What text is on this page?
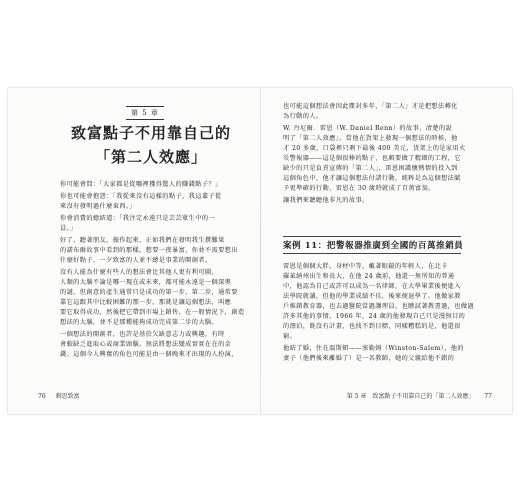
第 5 章
致富點子不用靠自己的
「第二人效應」

你可能會問：「大家都是從哪裡獲得驚人的賺錢點子？」

你也可能會抱怨：「我從來沒有這樣的點子，我這輩子從

來沒有發明過什麼東西。」

你會消費的總結道：「我注定永遠只是芸芸眾生中的一

員。」

好了，聽著朋友，振作起來，正如我們在發明我生撰難果

的諾布爾故事中看到的那樣，想要一夜暴富，你並不需要想出

什麼好點子，一夕致富的人並不總是事業的開創者。

沒有人能為什麼有些人的想法會比其他人更有利可圖，

人類的大腦不論是哪一現在或未來，都可能永遠是一個深奧

的謎，但創意的產生通常只是成功的第一步，第二步，通常要

靠它這跟其中比較困難的那一步，那就是讓這個想法，叫應

要它取得成功，然後把它帶到市場上銷售，在一般情況下，創造

想法的大腦，並不是那種能夠成功完成第二步的大腦。

一個想法的開創者，也許是基於欠缺意志力或興趣，有時

會較缺乏進取心或商業頭腦，無法將想法變成實實在在的金

錢。這個今人興奮的角色可能是由一個晚來才出現的人扮演，

76 剩思致富

也可能這個想法會因此塵封多年，「第二人」才是把想法轉化

為行動的人。

W. 丹尼爾．雷恩（W. Daniel Renn）的故事，清楚的說

明了「第二人效應」。當他在貨架上發現一個想法的時候，他

才 20 多歲，口袋裡只剩下最後 400 美元，貨架上的是家用火

災警報器——這是個很棒的點子，也頗要做了精細的工程，它

缺少的只是負責宣傳的「第二人」，雷恩困識懷熱情的投入到

這個角色中，他才讓這個想法付諸行動，純粹是為這個想法賦

予更準確的行動，雷恩在 30 歲時就成了百萬富翁。

讓我們來聽聽他非凡的故事。

案例 11：把警報器推廣到全國的百萬推銷員

雷恩是個個大胖，身材中等，戴著眼鏡的年輕人，在北卡

羅萊納州出生和長大，在他 24 歲前，他還一無所知的普通

中，他認為自己或許可以成為一名律師，在大學畢業後便進入

法學院就讀，但他的學業成績不佳，後來便退學了。他做家教

戶推銷教育器，也去過醫院當過護理員，也瞧試著教書過，也做過

許多其他的事情，1966 年，24 歲的他發現自己只是漫無目的

的漂泊，既沒有計畫，也找不到目標，同樣糟糕的是，他還很

窮。

他結了婚，住在溫斯頓——塞勒姆（Winston-Salem），他的

妻子（他們後來離婚了）是一名教師，她的父親給他不錯的

第 5 章　致富點子不用靠自己的「第二人效應」 77
